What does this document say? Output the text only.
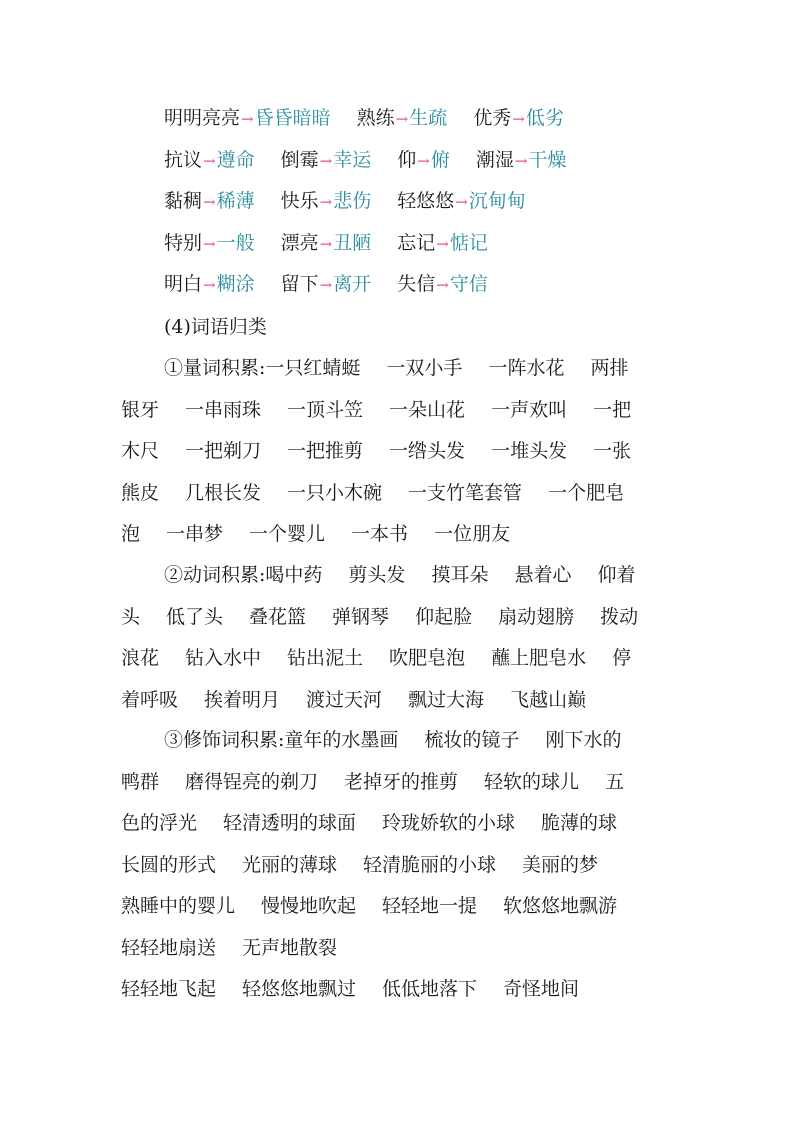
明明亮亮→昏昏暗暗 熟练→生疏 优秀→低劣
抗议→遵命 倒霉→幸运 仰→俯 潮湿→干燥
黏稠→稀薄 快乐→悲伤 轻悠悠→沉甸甸
特别→一般 漂亮→丑陋 忘记→惦记
明白→糊涂 留下→离开 失信→守信
(4)词语归类
①量词积累:一只红蜻蜓 一双小手 一阵水花 两排
银牙 一串雨珠 一顶斗笠 一朵山花 一声欢叫 一把
木尺 一把剃刀 一把推剪 一绺头发 一堆头发 一张
熊皮 几根长发 一只小木碗 一支竹笔套管 一个肥皂
泡 一串梦 一个婴儿 一本书 一位朋友
②动词积累:喝中药 剪头发 摸耳朵 悬着心 仰着
头 低了头 叠花篮 弹钢琴 仰起脸 扇动翅膀 拨动
浪花 钻入水中 钻出泥土 吹肥皂泡 蘸上肥皂水 停
着呼吸 挨着明月 渡过天河 飘过大海 飞越山巅
③修饰词积累:童年的水墨画 梳妆的镜子 刚下水的
鸭群 磨得锃亮的剃刀 老掉牙的推剪 轻软的球儿 五
色的浮光 轻清透明的球面 玲珑娇软的小球 脆薄的球
长圆的形式 光丽的薄球 轻清脆丽的小球 美丽的梦
熟睡中的婴儿 慢慢地吹起 轻轻地一提 软悠悠地飘游
轻轻地扇送 无声地散裂
轻轻地飞起 轻悠悠地飘过 低低地落下 奇怪地间
